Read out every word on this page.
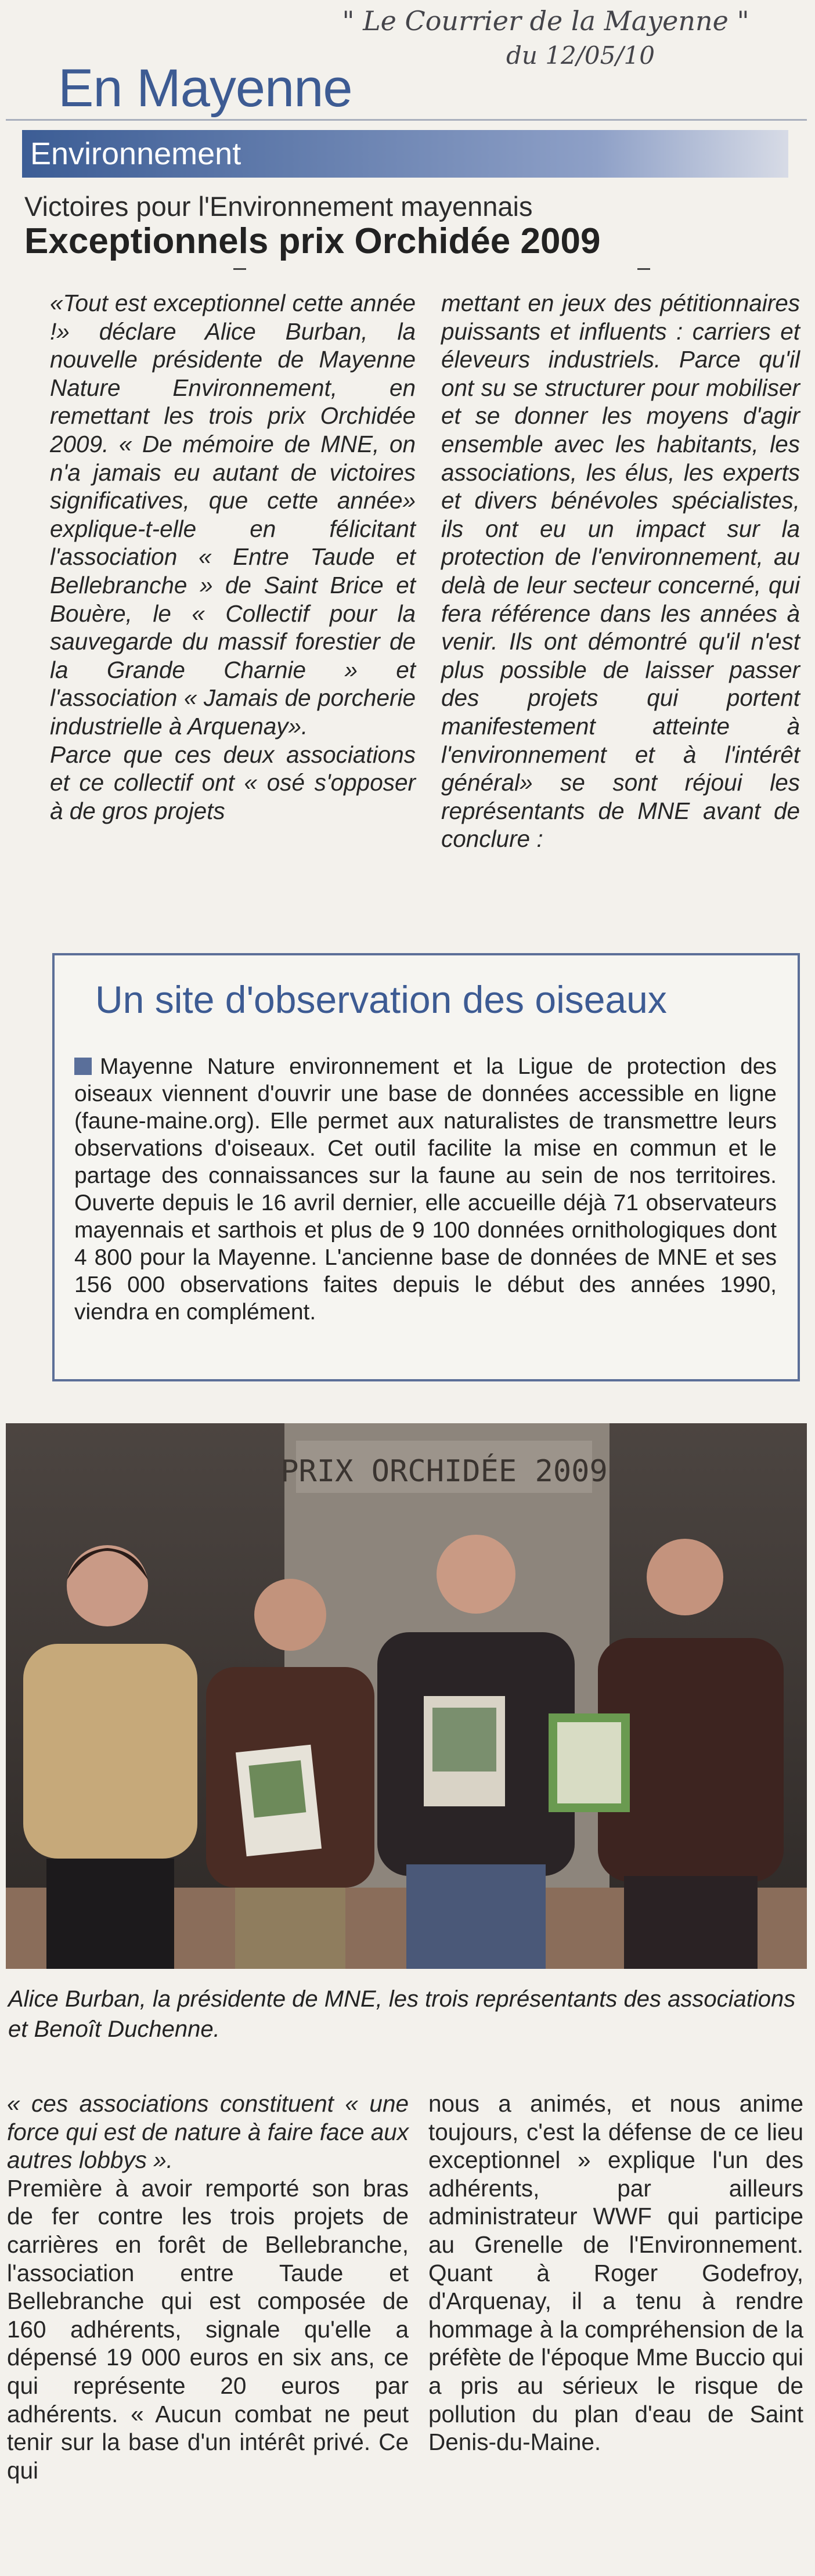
" Le Courrier de la Mayenne "
du 12/05/10
En Mayenne
Environnement
Victoires pour l'Environnement mayennais
Exceptionnels prix Orchidée 2009

«Tout est exceptionnel cette année !» déclare Alice Burban, la nouvelle présidente de Mayenne Nature Environnement, en remettant les trois prix Orchidée 2009. « De mémoire de MNE, on n'a jamais eu autant de victoires significatives, que cette année» explique-t-elle en félicitant l'association « Entre Taude et Bellebranche » de Saint Brice et Bouère, le « Collectif pour la sauvegarde du massif forestier de la Grande Charnie » et l'association « Jamais de porcherie industrielle à Arquenay».

Parce que ces deux associations et ce collectif ont « osé s'opposer à de gros projets

mettant en jeux des pétitionnaires puissants et influents : carriers et éleveurs industriels. Parce qu'il ont su se structurer pour mobiliser et se donner les moyens d'agir ensemble avec les habitants, les associations, les élus, les experts et divers bénévoles spécialistes, ils ont eu un impact sur la protection de l'environnement, au delà de leur secteur concerné, qui fera référence dans les années à venir. Ils ont démontré qu'il n'est plus possible de laisser passer des projets qui portent manifestement atteinte à l'environnement et à l'intérêt général» se sont réjoui les représentants de MNE avant de conclure :

Un site d'observation des oiseaux
Mayenne Nature environnement et la Ligue de protection des oiseaux viennent d'ouvrir une base de données accessible en ligne (faune-maine.org). Elle permet aux naturalistes de transmettre leurs observations d'oiseaux. Cet outil facilite la mise en commun et le partage des connaissances sur la faune au sein de nos territoires. Ouverte depuis le 16 avril dernier, elle accueille déjà 71 observateurs mayennais et sarthois et plus de 9 100 données ornithologiques dont 4 800 pour la Mayenne. L'ancienne base de données de MNE et ses 156 000 observations faites depuis le début des années 1990, viendra en complément.
PRIX ORCHIDÉE 2009
Alice Burban, la présidente de MNE, les trois représentants des associations et Benoît Duchenne.

« ces associations constituent « une force qui est de nature à faire face aux autres lobbys ».

Première à avoir remporté son bras de fer contre les trois projets de carrières en forêt de Bellebranche, l'association entre Taude et Bellebranche qui est composée de 160 adhérents, signale qu'elle a dépensé 19 000 euros en six ans, ce qui représente 20 euros par adhérents. « Aucun combat ne peut tenir sur la base d'un intérêt privé. Ce qui

nous a animés, et nous anime toujours, c'est la défense de ce lieu exceptionnel » explique l'un des adhérents, par ailleurs administrateur WWF qui participe au Grenelle de l'Environnement. Quant à Roger Godefroy, d'Arquenay, il a tenu à rendre hommage à la compréhension de la préfète de l'époque Mme Buccio qui a pris au sérieux le risque de pollution du plan d'eau de Saint Denis-du-Maine.
